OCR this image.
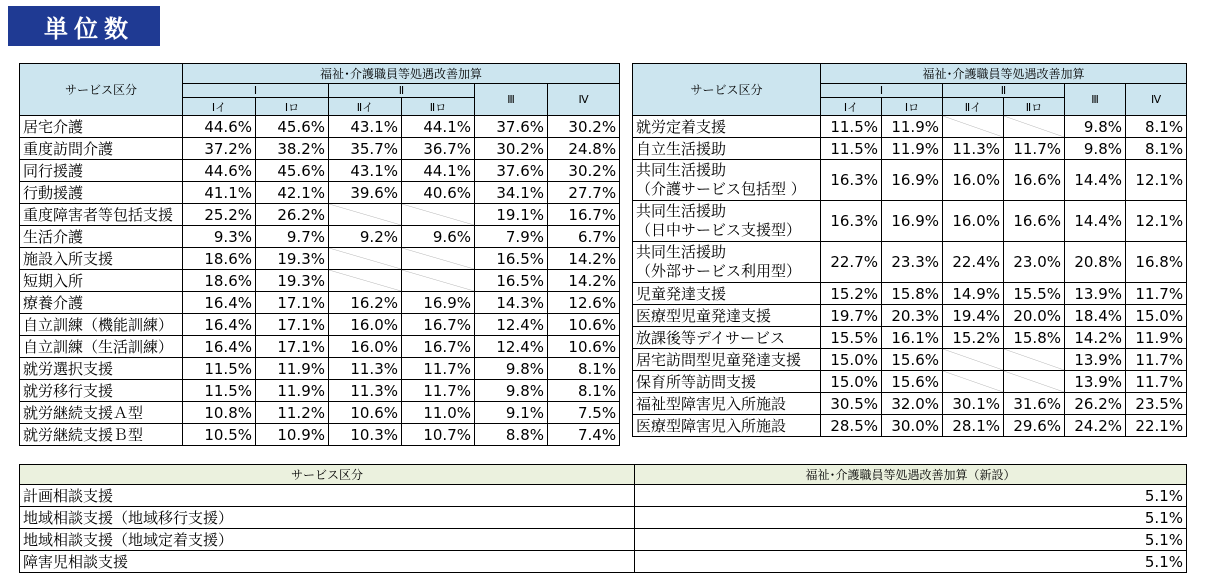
単位数
サービス区分	福祉･介護職員等処遇改善加算					
	Ⅰ		Ⅱ		Ⅲ	Ⅳ
	Ⅰイ	Ⅰロ	Ⅱイ	Ⅱロ		
居宅介護	44.6%	45.6%	43.1%	44.1%	37.6%	30.2%
重度訪問介護	37.2%	38.2%	35.7%	36.7%	30.2%	24.8%
同行援護	44.6%	45.6%	43.1%	44.1%	37.6%	30.2%
行動援護	41.1%	42.1%	39.6%	40.6%	34.1%	27.7%
重度障害者等包括支援	25.2%	26.2%			19.1%	16.7%
生活介護	9.3%	9.7%	9.2%	9.6%	7.9%	6.7%
施設入所支援	18.6%	19.3%			16.5%	14.2%
短期入所	18.6%	19.3%			16.5%	14.2%
療養介護	16.4%	17.1%	16.2%	16.9%	14.3%	12.6%
自立訓練（機能訓練）	16.4%	17.1%	16.0%	16.7%	12.4%	10.6%
自立訓練（生活訓練）	16.4%	17.1%	16.0%	16.7%	12.4%	10.6%
就労選択支援	11.5%	11.9%	11.3%	11.7%	9.8%	8.1%
就労移行支援	11.5%	11.9%	11.3%	11.7%	9.8%	8.1%
就労継続支援Ａ型	10.8%	11.2%	10.6%	11.0%	9.1%	7.5%
就労継続支援Ｂ型	10.5%	10.9%	10.3%	10.7%	8.8%	7.4%
サービス区分	福祉･介護職員等処遇改善加算					
	Ⅰ		Ⅱ		Ⅲ	Ⅳ
	Ⅰイ	Ⅰロ	Ⅱイ	Ⅱロ		
就労定着支援	11.5%	11.9%			9.8%	8.1%
自立生活援助	11.5%	11.9%	11.3%	11.7%	9.8%	8.1%
共同生活援助
（介護サービス包括型 ）	16.3%	16.9%	16.0%	16.6%	14.4%	12.1%
共同生活援助
（日中サービス支援型）	16.3%	16.9%	16.0%	16.6%	14.4%	12.1%
共同生活援助
（外部サービス利用型）	22.7%	23.3%	22.4%	23.0%	20.8%	16.8%
児童発達支援	15.2%	15.8%	14.9%	15.5%	13.9%	11.7%
医療型児童発達支援	19.7%	20.3%	19.4%	20.0%	18.4%	15.0%
放課後等デイサービス	15.5%	16.1%	15.2%	15.8%	14.2%	11.9%
居宅訪問型児童発達支援	15.0%	15.6%			13.9%	11.7%
保育所等訪問支援	15.0%	15.6%			13.9%	11.7%
福祉型障害児入所施設	30.5%	32.0%	30.1%	31.6%	26.2%	23.5%
医療型障害児入所施設	28.5%	30.0%	28.1%	29.6%	24.2%	22.1%
サービス区分	福祉･介護職員等処遇改善加算（新設）
計画相談支援	5.1%
地域相談支援（地域移行支援）	5.1%
地域相談支援（地域定着支援）	5.1%
障害児相談支援	5.1%
